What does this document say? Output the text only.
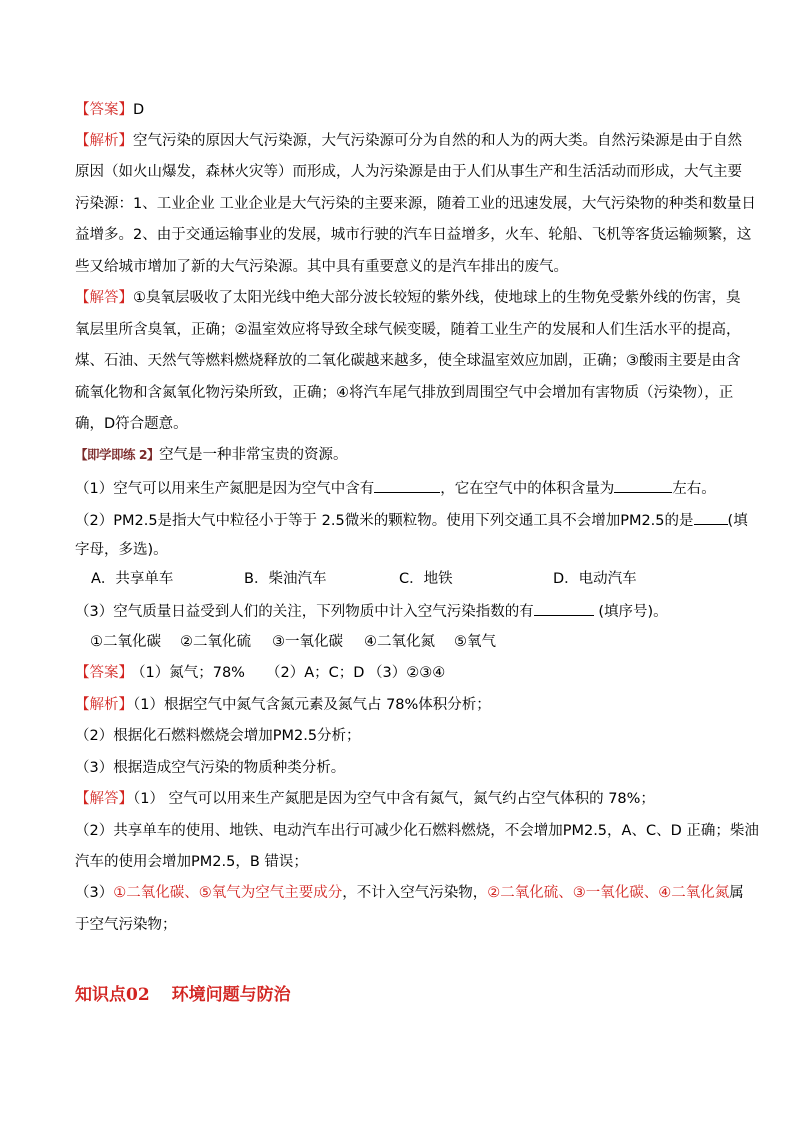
【答案】D
【解析】空气污染的原因大气污染源，大气污染源可分为自然的和人为的两大类。自然污染源是由于自然
原因（如火山爆发，森林火灾等）而形成，人为污染源是由于人们从事生产和生活活动而形成，大气主要
污染源：1、工业企业 工业企业是大气污染的主要来源，随着工业的迅速发展，大气污染物的种类和数量日
益增多。2、由于交通运输事业的发展，城市行驶的汽车日益增多，火车、轮船、飞机等客货运输频繁，这
些又给城市增加了新的大气污染源。其中具有重要意义的是汽车排出的废气。
【解答】①臭氧层吸收了太阳光线中绝大部分波长较短的紫外线，使地球上的生物免受紫外线的伤害，臭
氧层里所含臭氧，正确；②温室效应将导致全球气候变暖，随着工业生产的发展和人们生活水平的提高，
煤、石油、天然气等燃料燃烧释放的二氧化碳越来越多，使全球温室效应加剧，正确；③酸雨主要是由含
硫氧化物和含氮氧化物污染所致，正确；④将汽车尾气排放到周围空气中会增加有害物质（污染物），正
确，D符合题意。
【即学即练 2】空气是一种非常宝贵的资源。
（1）空气可以用来生产氮肥是因为空气中含有	，它在空气中的体积含量为	左右。
（2）PM2.5是指大气中粒径小于等于 2.5微米的颗粒物。使用下列交通工具不会增加PM2.5的是 (填
字母，多选)。
A．共享单车	B．柴油汽车	C．地铁	D．电动汽车
（3）空气质量日益受到人们的关注，下列物质中计入空气污染指数的有	(填序号)。
①二氧化碳 ②二氧化硫 ③一氧化碳 ④二氧化氮 ⑤氧气
【答案】
（1）氮气；78% （2）A；C；D （3）②③④
【解析】（1）根据空气中氮气含氮元素及氮气占 78%体积分析；
（2）根据化石燃料燃烧会增加PM2.5分析；
（3）根据造成空气污染的物质种类分析。
【解答】（1） 空气可以用来生产氮肥是因为空气中含有氮气，氮气约占空气体积的 78%；
（2）共享单车的使用、地铁、电动汽车出行可减少化石燃料燃烧，不会增加PM2.5，A、C、D 正确；柴油
汽车的使用会增加PM2.5，B 错误；
（3）①二氧化碳、⑤氧气为空气主要成分，不计入空气污染物，②二氧化硫、③一氧化碳、④二氧化氮属
于空气污染物；
知识点02 环境问题与防治
